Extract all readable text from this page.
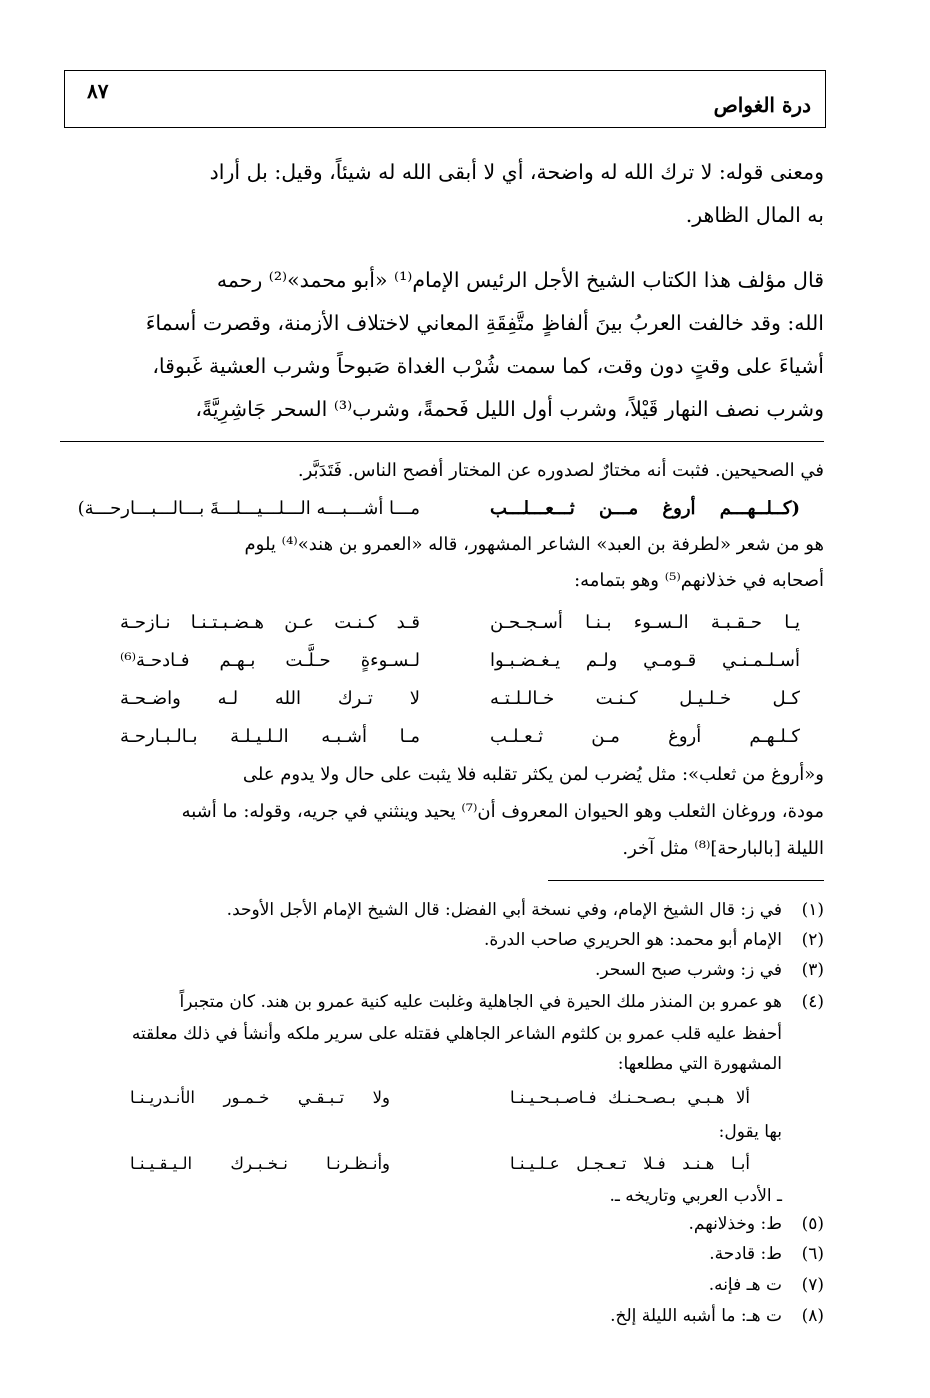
درة الغواص
٨٧
ومعنى قوله: لا ترك الله له واضحة، أي لا أبقى الله له شيئاً، وقيل: بل أراد
به المال الظاهر.
قال مؤلف هذا الكتاب الشيخ الأجل الرئيس الإمام⁽¹⁾ «أبو محمد»⁽²⁾ رحمه
الله: وقد خالفت العربُ بينَ ألفاظٍ متَّفِقَةِ المعاني لاختلاف الأزمنة، وقصرت أسماءَ
أشياءَ على وقتٍ دون وقت، كما سمت شُرْب الغداة صَبوحاً وشرب العشية غَبوقا،
وشرب نصف النهار قَيْلاً، وشرب أول الليل فَحمةً، وشرب⁽³⁾ السحر جَاشِرِيَّةً،
في الصحيحين. فثبت أنه مختارٌ لصدوره عن المختار أفصح الناس. فَتَدَبَّر.
(كــلــهـــم أروغ مـــن ثـــعـــلـــب
مـــا أشـــبـــه الـــلـــيـــلـــةَ بـــالـــبـــارحـــة)
هو من شعر «لطرفة بن العبد» الشاعر المشهور، قاله «العمرو بن هند»⁽⁴⁾ يلوم
أصحابه في خذلانهم⁽⁵⁾ وهو بتمامه:
يـا حـقـبـة الـسـوء بـنـا أسـجـحـن
قـد كـنـت عـن هـضـبـتـنـا نـازحـة
أسـلـمـنـي قـومـي ولـم يـغـضـبـوا
لـسـوءةٍ حـلَّـت بـهـم فـادحـة⁽⁶⁾
كـل خـلـيـل كـنـت خـالـلـتـه
لا تـرك الله لـه واضـحـة
كـلـهـم أروغ مـن ثـعـلـب
مـا أشـبـه الـلـيـلـة بـالـبـارحـة
و«أروغ من ثعلب»: مثل يُضرب لمن يكثر تقلبه فلا يثبت على حال ولا يدوم على
مودة، وروغان الثعلب وهو الحيوان المعروف أن⁽⁷⁾ يحيد وينثني في جريه، وقوله: ما أشبه
الليلة [بالبارحة]⁽⁸⁾ مثل آخر.
(١)في ز: قال الشيخ الإمام، وفي نسخة أبي الفضل: قال الشيخ الإمام الأجل الأوحد.
(٢)الإمام أبو محمد: هو الحريري صاحب الدرة.
(٣)في ز: وشرب صبح السحر.
(٤)هو عمرو بن المنذر ملك الحيرة في الجاهلية وغلبت عليه كنية عمرو بن هند. كان متجبراً
أحفظ عليه قلب عمرو بن كلثوم الشاعر الجاهلي فقتله على سرير ملكه وأنشأ في ذلك معلقته
المشهورة التي مطلعها:
ألا هـبـي بـصـحـنـك فـاصـبـحـيـنـا
ولا تـبـقـي خـمـور الأنـدريـنـا
بها يقول:
أبـا هـنـد فـلا تـعـجـل عـلـيـنـا
وأنـظـرنـا نـخـبـرك الـيـقـيـنـا
ـ الأدب العربي وتاريخه ـ.
(٥)ط: وخذلانهم.
(٦)ط: قادحة.
(٧)ت هـ فإنه.
(٨)ت هـ: ما أشبه الليلة إلخ.
